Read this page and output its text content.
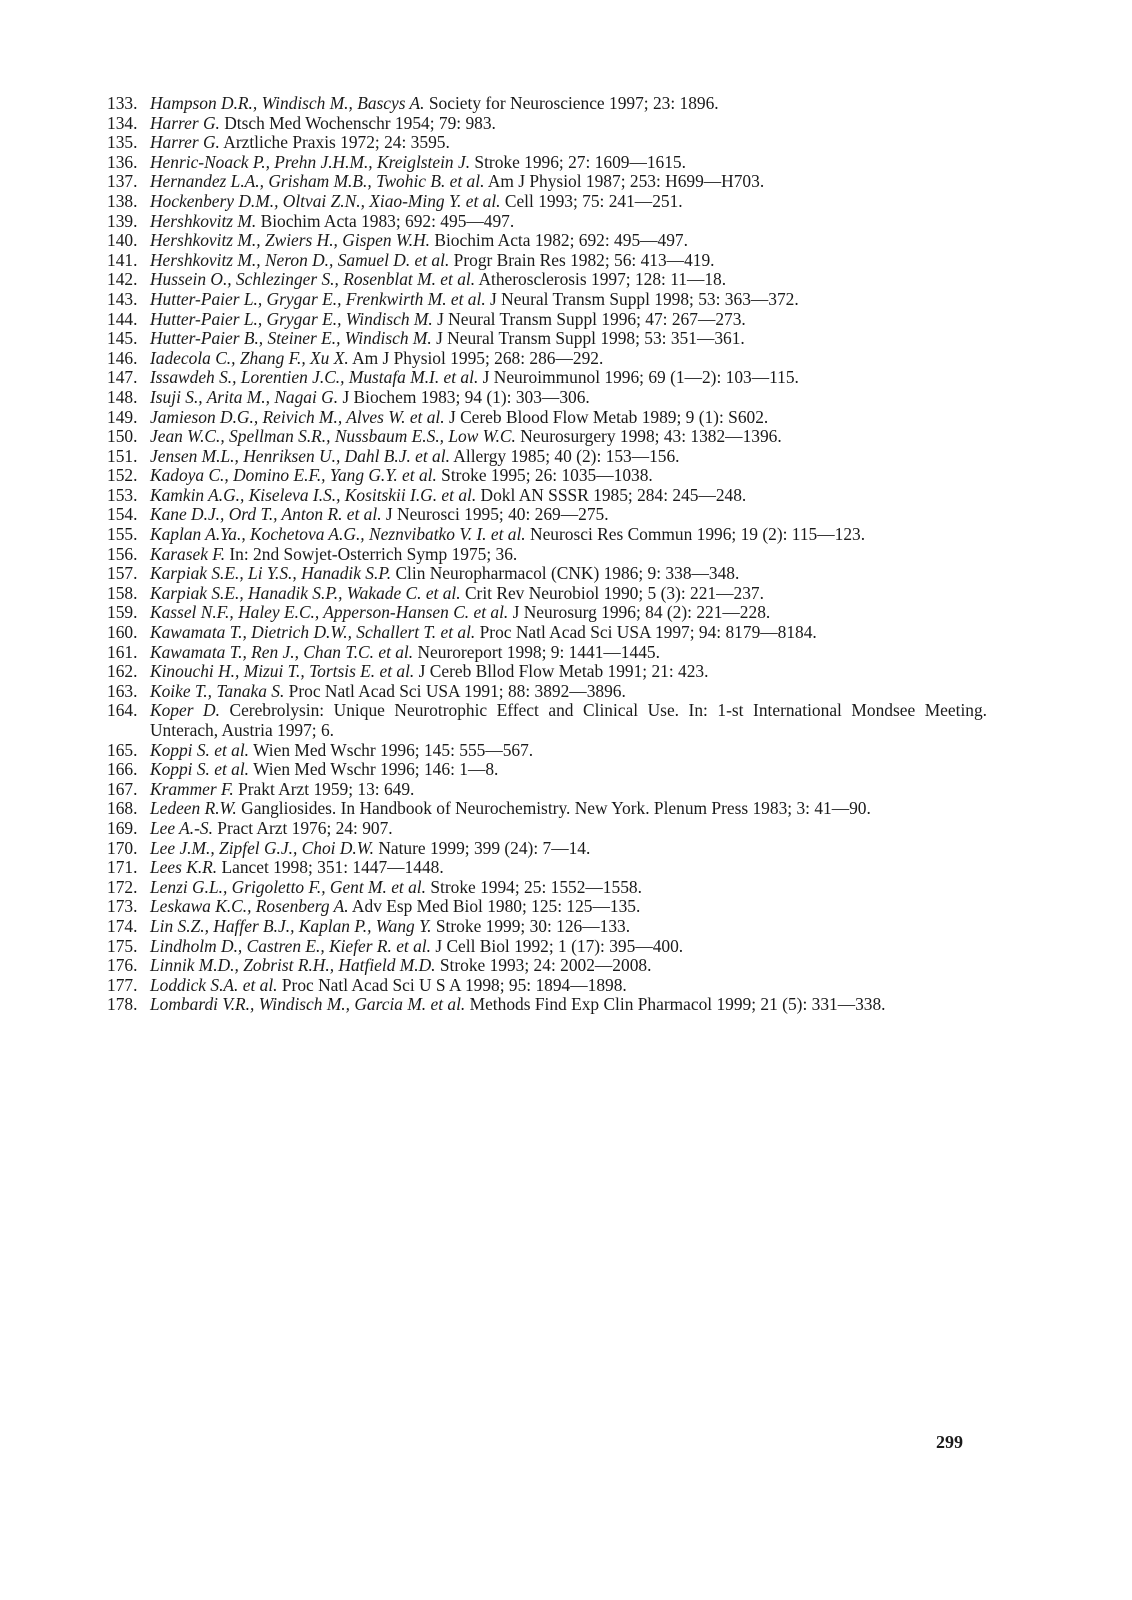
133. Hampson D.R., Windisch M., Bascys A. Society for Neuroscience 1997; 23: 1896.
134. Harrer G. Dtsch Med Wochenschr 1954; 79: 983.
135. Harrer G. Arztliche Praxis 1972; 24: 3595.
136. Henric-Noack P., Prehn J.H.M., Kreiglstein J. Stroke 1996; 27: 1609—1615.
137. Hernandez L.A., Grisham M.B., Twohic B. et al. Am J Physiol 1987; 253: H699—H703.
138. Hockenbery D.M., Oltvai Z.N., Xiao-Ming Y. et al. Cell 1993; 75: 241—251.
139. Hershkovitz M. Biochim Acta 1983; 692: 495—497.
140. Hershkovitz M., Zwiers H., Gispen W.H. Biochim Acta 1982; 692: 495—497.
141. Hershkovitz M., Neron D., Samuel D. et al. Progr Brain Res 1982; 56: 413—419.
142. Hussein O., Schlezinger S., Rosenblat M. et al. Atherosclerosis 1997; 128: 11—18.
143. Hutter-Paier L., Grygar E., Frenkwirth M. et al. J Neural Transm Suppl 1998; 53: 363—372.
144. Hutter-Paier L., Grygar E., Windisch M. J Neural Transm Suppl 1996; 47: 267—273.
145. Hutter-Paier B., Steiner E., Windisch M. J Neural Transm Suppl 1998; 53: 351—361.
146. Iadecola C., Zhang F., Xu X. Am J Physiol 1995; 268: 286—292.
147. Issawdeh S., Lorentien J.C., Mustafa M.I. et al. J Neuroimmunol 1996; 69 (1—2): 103—115.
148. Isuji S., Arita M., Nagai G. J Biochem 1983; 94 (1): 303—306.
149. Jamieson D.G., Reivich M., Alves W. et al. J Cereb Blood Flow Metab 1989; 9 (1): S602.
150. Jean W.C., Spellman S.R., Nussbaum E.S., Low W.C. Neurosurgery 1998; 43: 1382—1396.
151. Jensen M.L., Henriksen U., Dahl B.J. et al. Allergy 1985; 40 (2): 153—156.
152. Kadoya C., Domino E.F., Yang G.Y. et al. Stroke 1995; 26: 1035—1038.
153. Kamkin A.G., Kiseleva I.S., Kositskii I.G. et al. Dokl AN SSSR 1985; 284: 245—248.
154. Kane D.J., Ord T., Anton R. et al. J Neurosci 1995; 40: 269—275.
155. Kaplan A.Ya., Kochetova A.G., Neznvibatko V. I. et al. Neurosci Res Commun 1996; 19 (2): 115—123.
156. Karasek F. In: 2nd Sowjet-Osterrich Symp 1975; 36.
157. Karpiak S.E., Li Y.S., Hanadik S.P. Clin Neuropharmacol (CNK) 1986; 9: 338—348.
158. Karpiak S.E., Hanadik S.P., Wakade C. et al. Crit Rev Neurobiol 1990; 5 (3): 221—237.
159. Kassel N.F., Haley E.C., Apperson-Hansen C. et al. J Neurosurg 1996; 84 (2): 221—228.
160. Kawamata T., Dietrich D.W., Schallert T. et al. Proc Natl Acad Sci USA 1997; 94: 8179—8184.
161. Kawamata T., Ren J., Chan T.C. et al. Neuroreport 1998; 9: 1441—1445.
162. Kinouchi H., Mizui T., Tortsis E. et al. J Cereb Bllod Flow Metab 1991; 21: 423.
163. Koike T., Tanaka S. Proc Natl Acad Sci USA 1991; 88: 3892—3896.
164. Koper D. Cerebrolysin: Unique Neurotrophic Effect and Clinical Use. In: 1-st International Mondsee Meeting. Unterach, Austria 1997; 6.
165. Koppi S. et al. Wien Med Wschr 1996; 145: 555—567.
166. Koppi S. et al. Wien Med Wschr 1996; 146: 1—8.
167. Krammer F. Prakt Arzt 1959; 13: 649.
168. Ledeen R.W. Gangliosides. In Handbook of Neurochemistry. New York. Plenum Press 1983; 3: 41—90.
169. Lee A.-S. Pract Arzt 1976; 24: 907.
170. Lee J.M., Zipfel G.J., Choi D.W. Nature 1999; 399 (24): 7—14.
171. Lees K.R. Lancet 1998; 351: 1447—1448.
172. Lenzi G.L., Grigoletto F., Gent M. et al. Stroke 1994; 25: 1552—1558.
173. Leskawa K.C., Rosenberg A. Adv Esp Med Biol 1980; 125: 125—135.
174. Lin S.Z., Haffer B.J., Kaplan P., Wang Y. Stroke 1999; 30: 126—133.
175. Lindholm D., Castren E., Kiefer R. et al. J Cell Biol 1992; 1 (17): 395—400.
176. Linnik M.D., Zobrist R.H., Hatfield M.D. Stroke 1993; 24: 2002—2008.
177. Loddick S.A. et al. Proc Natl Acad Sci U S A 1998; 95: 1894—1898.
178. Lombardi V.R., Windisch M., Garcia M. et al. Methods Find Exp Clin Pharmacol 1999; 21 (5): 331—338.
299
